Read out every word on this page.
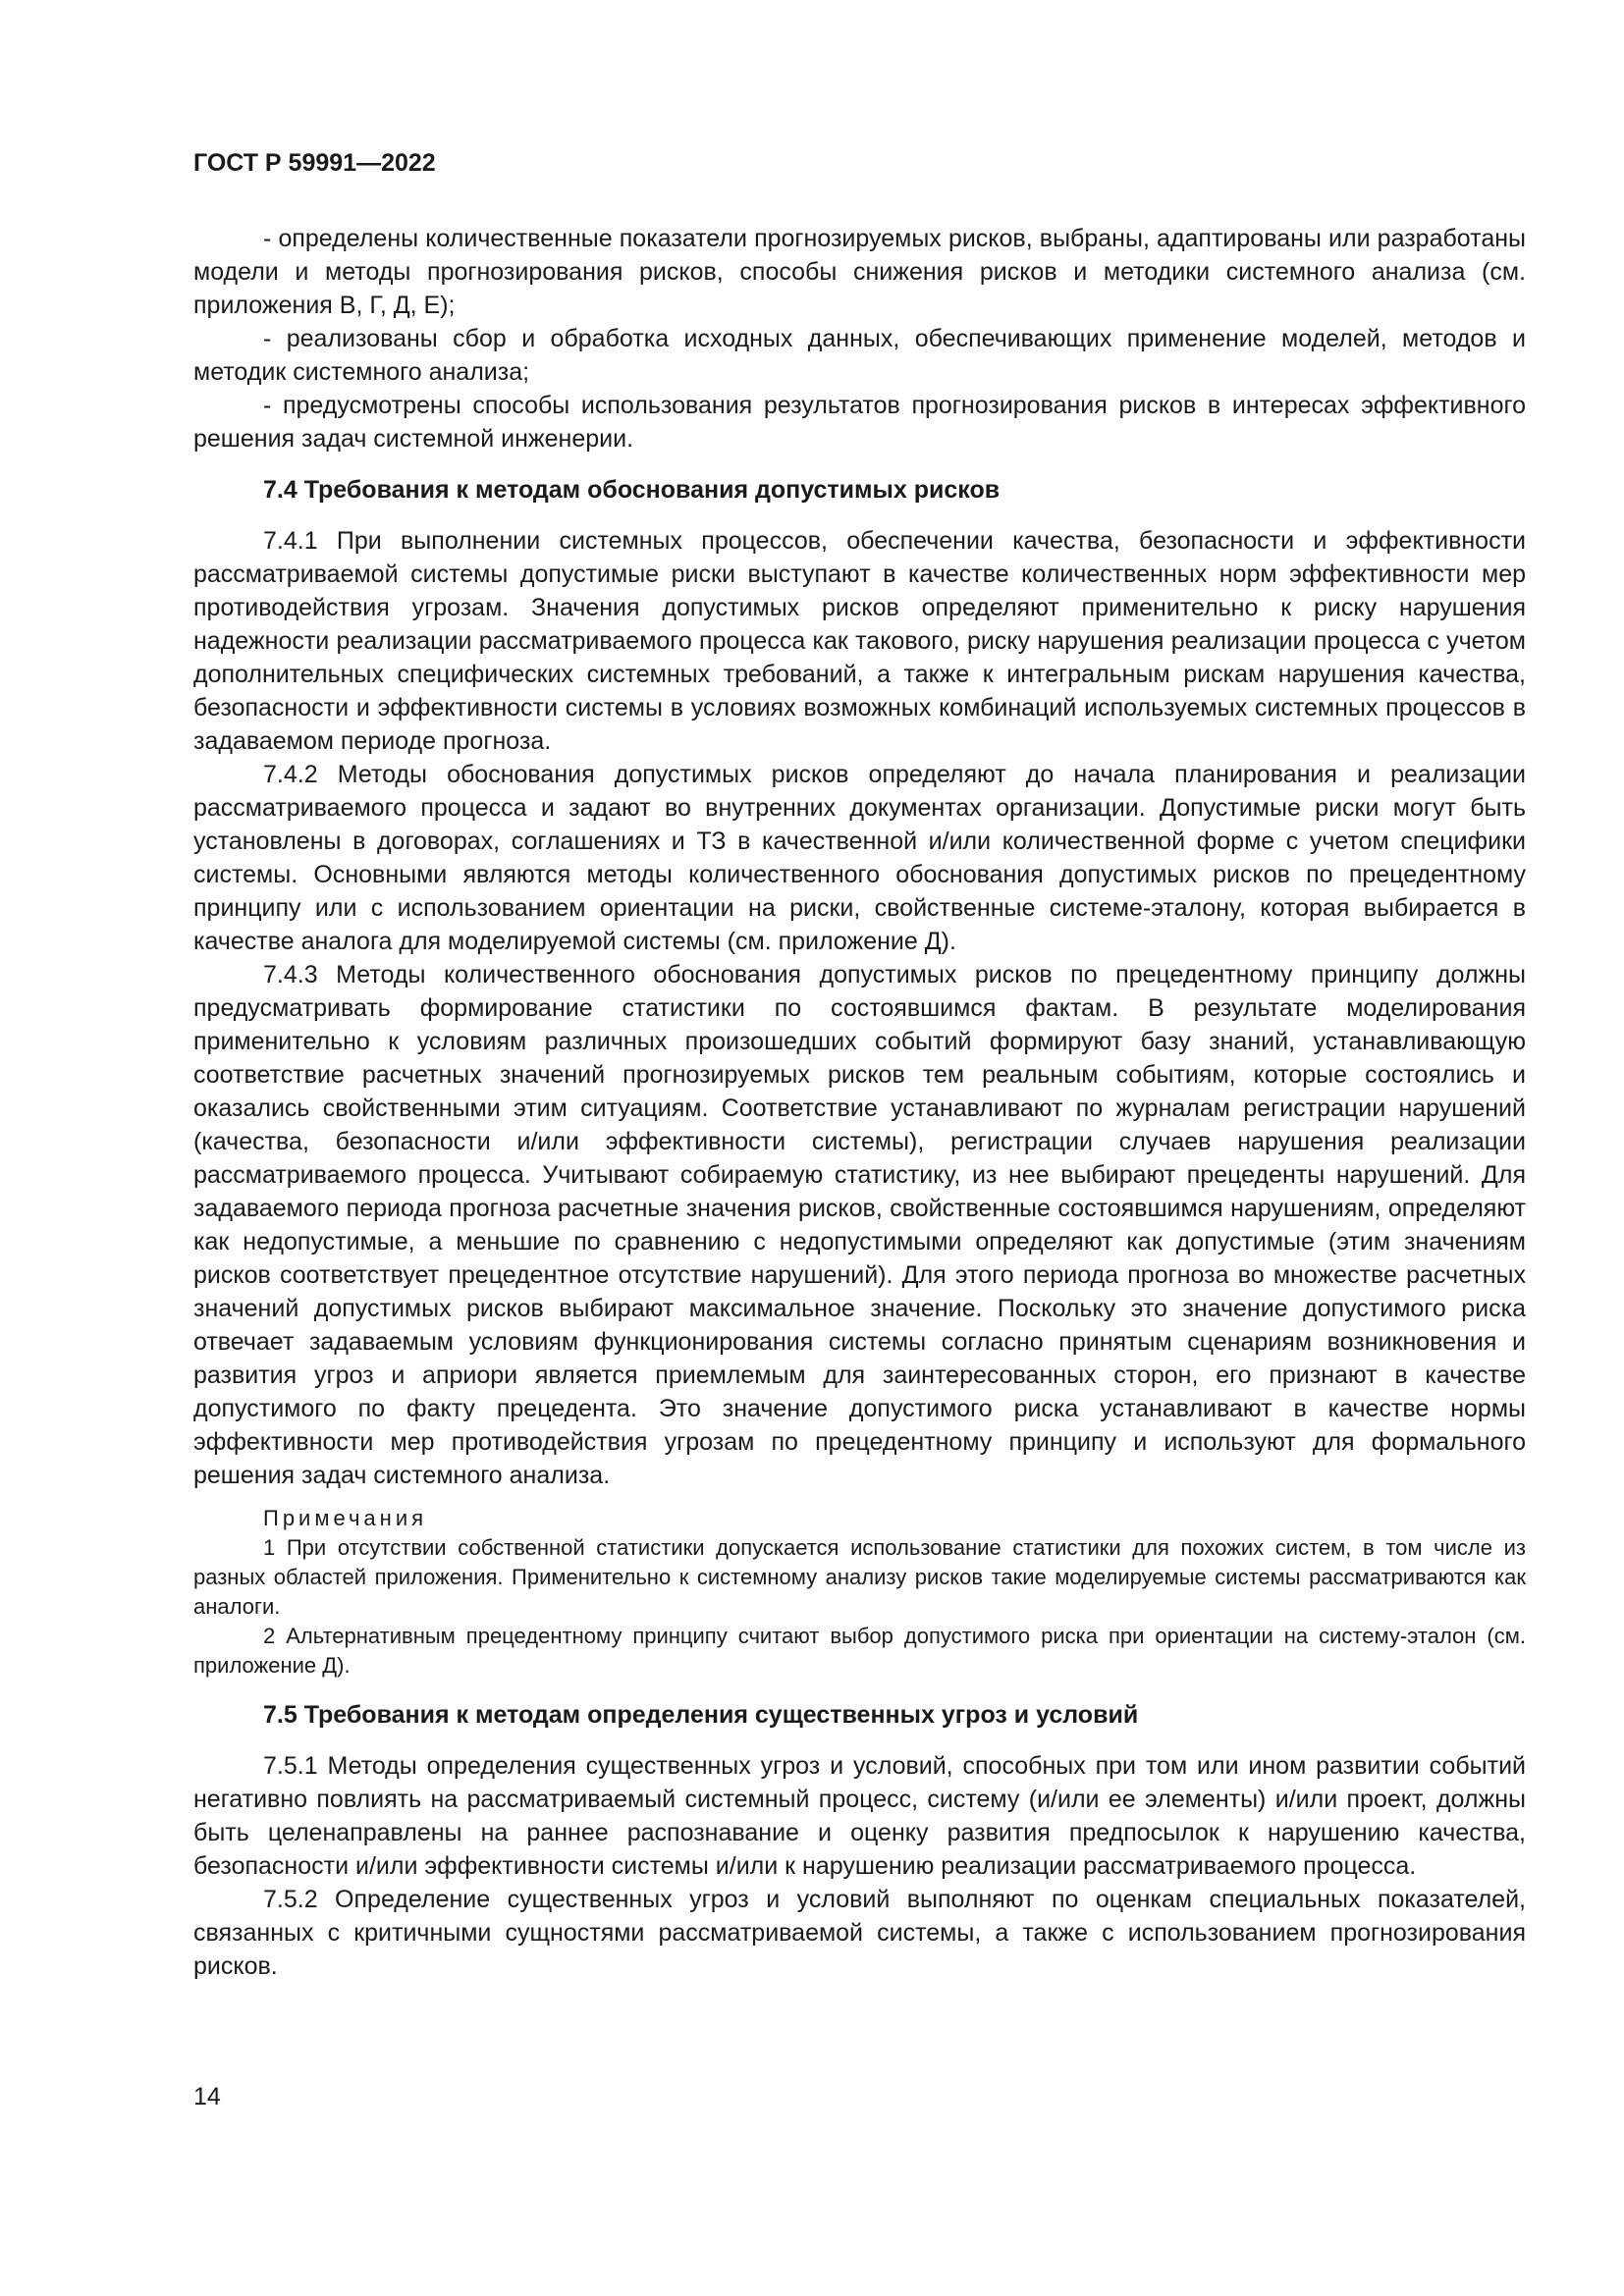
ГОСТ Р 59991—2022

- определены количественные показатели прогнозируемых рисков, выбраны, адаптированы или разработаны модели и методы прогнозирования рисков, способы снижения рисков и методики системного анализа (см. приложения В, Г, Д, Е);

- реализованы сбор и обработка исходных данных, обеспечивающих применение моделей, методов и методик системного анализа;

- предусмотрены способы использования результатов прогнозирования рисков в интересах эффективного решения задач системной инженерии.

7.4 Требования к методам обоснования допустимых рисков

7.4.1 При выполнении системных процессов, обеспечении качества, безопасности и эффективности рассматриваемой системы допустимые риски выступают в качестве количественных норм эффективности мер противодействия угрозам. Значения допустимых рисков определяют применительно к риску нарушения надежности реализации рассматриваемого процесса как такового, риску нарушения реализации процесса с учетом дополнительных специфических системных требований, а также к интегральным рискам нарушения качества, безопасности и эффективности системы в условиях возможных комбинаций используемых системных процессов в задаваемом периоде прогноза.

7.4.2 Методы обоснования допустимых рисков определяют до начала планирования и реализации рассматриваемого процесса и задают во внутренних документах организации. Допустимые риски могут быть установлены в договорах, соглашениях и ТЗ в качественной и/или количественной форме с учетом специфики системы. Основными являются методы количественного обоснования допустимых рисков по прецедентному принципу или с использованием ориентации на риски, свойственные системе-эталону, которая выбирается в качестве аналога для моделируемой системы (см. приложение Д).

7.4.3 Методы количественного обоснования допустимых рисков по прецедентному принципу должны предусматривать формирование статистики по состоявшимся фактам. В результате моделирования применительно к условиям различных произошедших событий формируют базу знаний, устанавливающую соответствие расчетных значений прогнозируемых рисков тем реальным событиям, которые состоялись и оказались свойственными этим ситуациям. Соответствие устанавливают по журналам регистрации нарушений (качества, безопасности и/или эффективности системы), регистрации случаев нарушения реализации рассматриваемого процесса. Учитывают собираемую статистику, из нее выбирают прецеденты нарушений. Для задаваемого периода прогноза расчетные значения рисков, свойственные состоявшимся нарушениям, определяют как недопустимые, а меньшие по сравнению с недопустимыми определяют как допустимые (этим значениям рисков соответствует прецедентное отсутствие нарушений). Для этого периода прогноза во множестве расчетных значений допустимых рисков выбирают максимальное значение. Поскольку это значение допустимого риска отвечает задаваемым условиям функционирования системы согласно принятым сценариям возникновения и развития угроз и априори является приемлемым для заинтересованных сторон, его признают в качестве допустимого по факту прецедента. Это значение допустимого риска устанавливают в качестве нормы эффективности мер противодействия угрозам по прецедентному принципу и используют для формального решения задач системного анализа.

Примечания

1 При отсутствии собственной статистики допускается использование статистики для похожих систем, в том числе из разных областей приложения. Применительно к системному анализу рисков такие моделируемые системы рассматриваются как аналоги.

2 Альтернативным прецедентному принципу считают выбор допустимого риска при ориентации на систему-эталон (см. приложение Д).

7.5 Требования к методам определения существенных угроз и условий

7.5.1 Методы определения существенных угроз и условий, способных при том или ином развитии событий негативно повлиять на рассматриваемый системный процесс, систему (и/или ее элементы) и/или проект, должны быть целенаправлены на раннее распознавание и оценку развития предпосылок к нарушению качества, безопасности и/или эффективности системы и/или к нарушению реализации рассматриваемого процесса.

7.5.2 Определение существенных угроз и условий выполняют по оценкам специальных показателей, связанных с критичными сущностями рассматриваемой системы, а также с использованием прогнозирования рисков.

14
